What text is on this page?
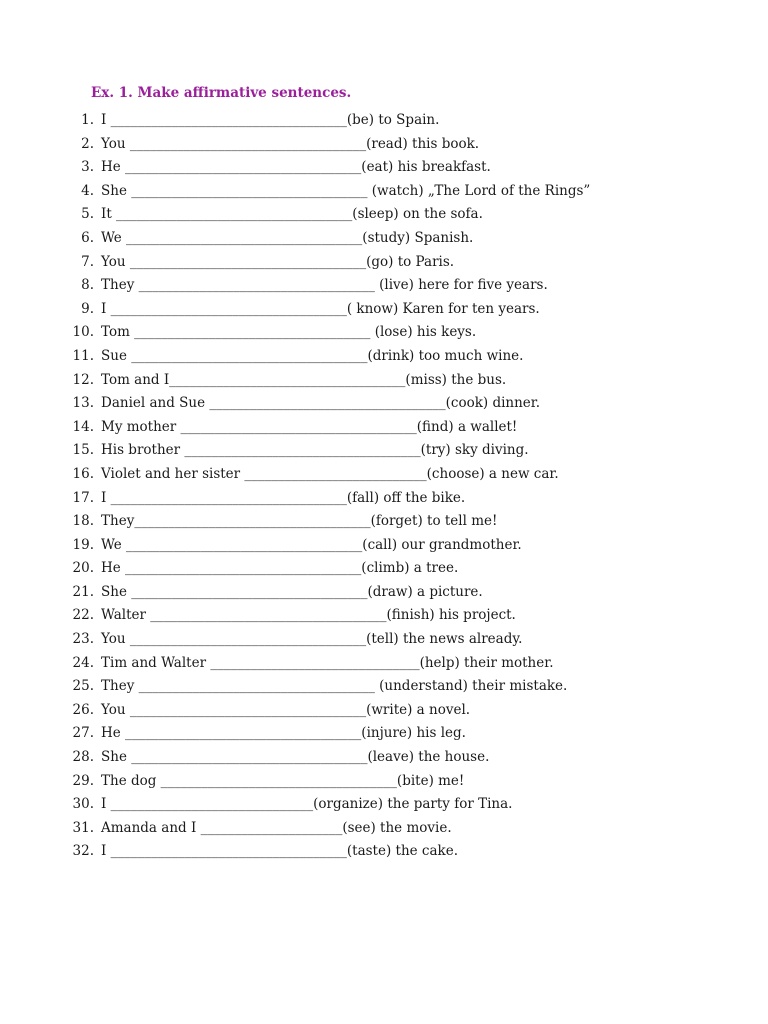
Ex. 1. Make affirmative sentences.
1. I ___________________________________(be) to Spain.
2. You ___________________________________(read) this book.
3. He ___________________________________(eat) his breakfast.
4. She ___________________________________ (watch) „The Lord of the Rings”
5. It ___________________________________(sleep) on the sofa.
6. We ___________________________________(study) Spanish.
7. You ___________________________________(go) to Paris.
8. They ___________________________________ (live) here for five years.
9. I ___________________________________( know) Karen for ten years.
10. Tom ___________________________________ (lose) his keys.
11. Sue ___________________________________(drink) too much wine.
12. Tom and I___________________________________(miss) the bus.
13. Daniel and Sue ___________________________________(cook) dinner.
14. My mother ___________________________________(find) a wallet!
15. His brother ___________________________________(try) sky diving.
16. Violet and her sister ___________________________(choose) a new car.
17. I ___________________________________(fall) off the bike.
18. They___________________________________(forget) to tell me!
19. We ___________________________________(call) our grandmother.
20. He ___________________________________(climb) a tree.
21. She ___________________________________(draw) a picture.
22. Walter ___________________________________(finish) his project.
23. You ___________________________________(tell) the news already.
24. Tim and Walter _______________________________(help) their mother.
25. They ___________________________________ (understand) their mistake.
26. You ___________________________________(write) a novel.
27. He ___________________________________(injure) his leg.
28. She ___________________________________(leave) the house.
29. The dog ___________________________________(bite) me!
30. I ______________________________(organize) the party for Tina.
31. Amanda and I _____________________(see) the movie.
32. I ___________________________________(taste) the cake.
